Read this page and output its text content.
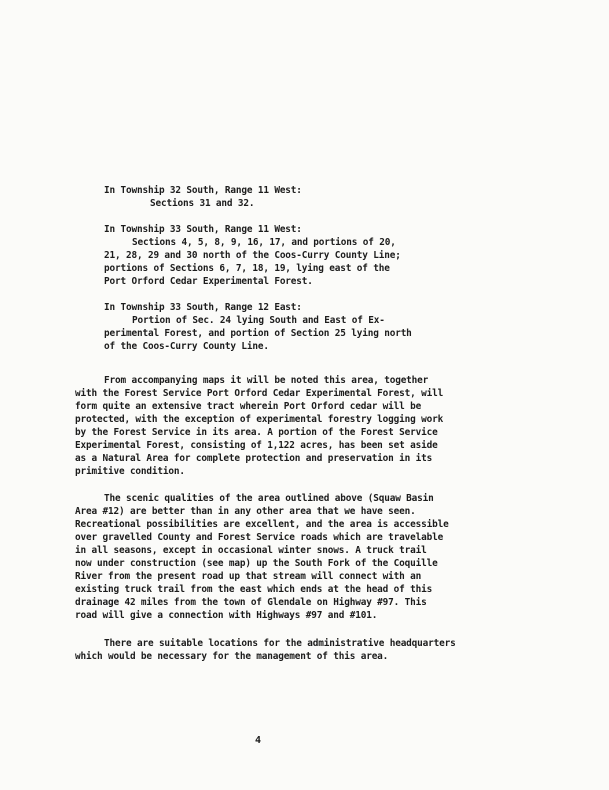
In Township 32 South, Range 11 West:
Sections 31 and 32.
In Township 33 South, Range 11 West:
Sections 4, 5, 8, 9, 16, 17, and portions of 20,
21, 28, 29 and 30 north of the Coos-Curry County Line;
portions of Sections 6, 7, 18, 19, lying east of the
Port Orford Cedar Experimental Forest.
In Township 33 South, Range 12 East:
Portion of Sec. 24 lying South and East of Ex-
perimental Forest, and portion of Section 25 lying north
of the Coos-Curry County Line.
From accompanying maps it will be noted this area, together
with the Forest Service Port Orford Cedar Experimental Forest, will
form quite an extensive tract wherein Port Orford cedar will be
protected, with the exception of experimental forestry logging work
by the Forest Service in its area. A portion of the Forest Service
Experimental Forest, consisting of 1,122 acres, has been set aside
as a Natural Area for complete protection and preservation in its
primitive condition.
The scenic qualities of the area outlined above (Squaw Basin
Area #12) are better than in any other area that we have seen.
Recreational possibilities are excellent, and the area is accessible
over gravelled County and Forest Service roads which are travelable
in all seasons, except in occasional winter snows. A truck trail
now under construction (see map) up the South Fork of the Coquille
River from the present road up that stream will connect with an
existing truck trail from the east which ends at the head of this
drainage 42 miles from the town of Glendale on Highway #97. This
road will give a connection with Highways #97 and #101.
There are suitable locations for the administrative headquarters
which would be necessary for the management of this area.
4
